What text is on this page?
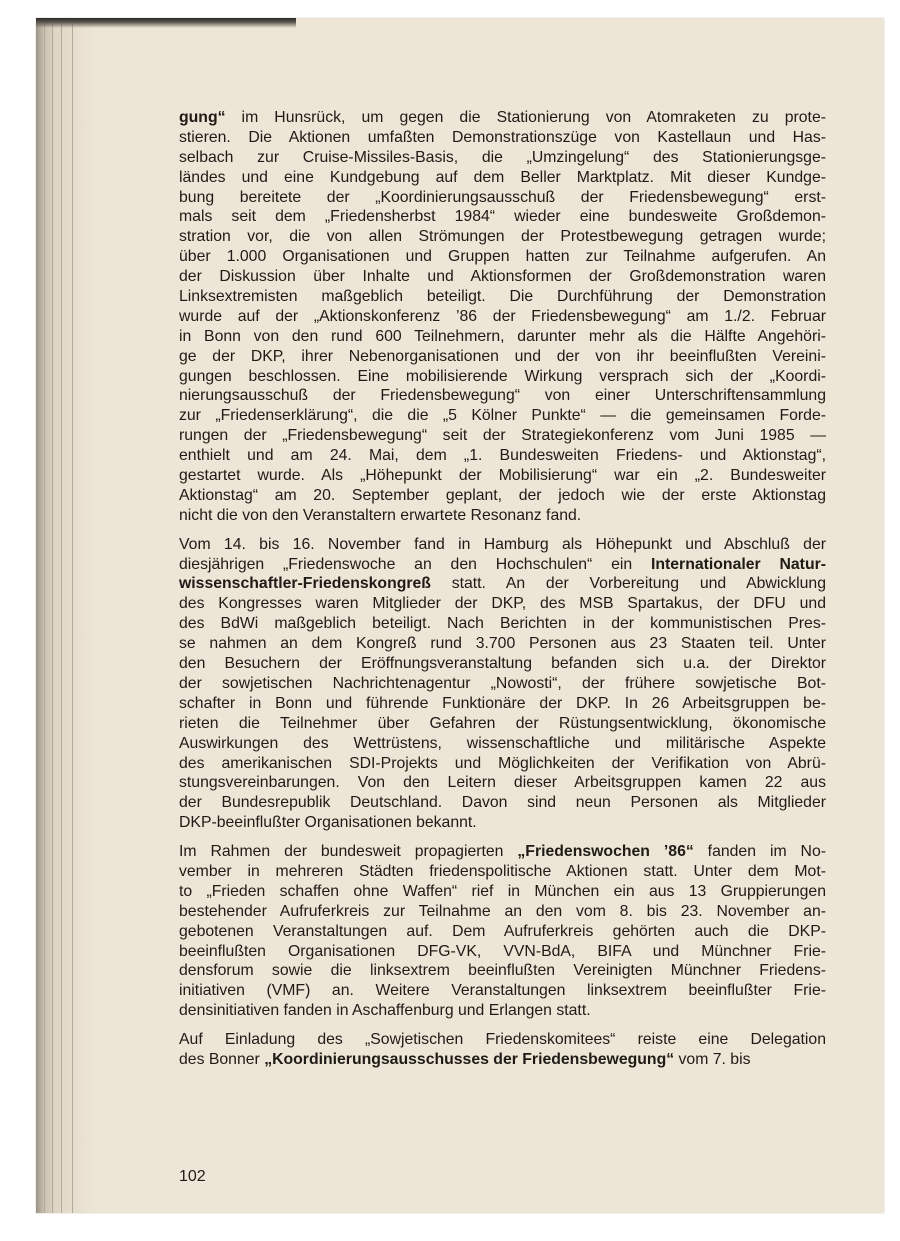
gung“ im Hunsrück, um gegen die Stationierung von Atomraketen zu prote-
stieren. Die Aktionen umfaßten Demonstrationszüge von Kastellaun und Has-
selbach zur Cruise-Missiles-Basis, die „Umzingelung“ des Stationierungsge-
ländes und eine Kundgebung auf dem Beller Marktplatz. Mit dieser Kundge-
bung bereitete der „Koordinierungsausschuß der Friedensbewegung“ erst-
mals seit dem „Friedensherbst 1984“ wieder eine bundesweite Großdemon-
stration vor, die von allen Strömungen der Protestbewegung getragen wurde;
über 1.000 Organisationen und Gruppen hatten zur Teilnahme aufgerufen. An
der Diskussion über Inhalte und Aktionsformen der Großdemonstration waren
Linksextremisten maßgeblich beteiligt. Die Durchführung der Demonstration
wurde auf der „Aktionskonferenz ’86 der Friedensbewegung“ am 1./2. Februar
in Bonn von den rund 600 Teilnehmern, darunter mehr als die Hälfte Angehöri-
ge der DKP, ihrer Nebenorganisationen und der von ihr beeinflußten Vereini-
gungen beschlossen. Eine mobilisierende Wirkung versprach sich der „Koordi-
nierungsausschuß der Friedensbewegung“ von einer Unterschriftensammlung
zur „Friedenserklärung“, die die „5 Kölner Punkte“ — die gemeinsamen Forde-
rungen der „Friedensbewegung“ seit der Strategiekonferenz vom Juni 1985 —
enthielt und am 24. Mai, dem „1. Bundesweiten Friedens- und Aktionstag“,
gestartet wurde. Als „Höhepunkt der Mobilisierung“ war ein „2. Bundesweiter
Aktionstag“ am 20. September geplant, der jedoch wie der erste Aktionstag
nicht die von den Veranstaltern erwartete Resonanz fand.
Vom 14. bis 16. November fand in Hamburg als Höhepunkt und Abschluß der
diesjährigen „Friedenswoche an den Hochschulen“ ein Internationaler Natur-
wissenschaftler-Friedenskongreß statt. An der Vorbereitung und Abwicklung
des Kongresses waren Mitglieder der DKP, des MSB Spartakus, der DFU und
des BdWi maßgeblich beteiligt. Nach Berichten in der kommunistischen Pres-
se nahmen an dem Kongreß rund 3.700 Personen aus 23 Staaten teil. Unter
den Besuchern der Eröffnungsveranstaltung befanden sich u.a. der Direktor
der sowjetischen Nachrichtenagentur „Nowosti“, der frühere sowjetische Bot-
schafter in Bonn und führende Funktionäre der DKP. In 26 Arbeitsgruppen be-
rieten die Teilnehmer über Gefahren der Rüstungsentwicklung, ökonomische
Auswirkungen des Wettrüstens, wissenschaftliche und militärische Aspekte
des amerikanischen SDI-Projekts und Möglichkeiten der Verifikation von Abrü-
stungsvereinbarungen. Von den Leitern dieser Arbeitsgruppen kamen 22 aus
der Bundesrepublik Deutschland. Davon sind neun Personen als Mitglieder
DKP-beeinflußter Organisationen bekannt.
Im Rahmen der bundesweit propagierten „Friedenswochen ’86“ fanden im No-
vember in mehreren Städten friedenspolitische Aktionen statt. Unter dem Mot-
to „Frieden schaffen ohne Waffen“ rief in München ein aus 13 Gruppierungen
bestehender Aufruferkreis zur Teilnahme an den vom 8. bis 23. November an-
gebotenen Veranstaltungen auf. Dem Aufruferkreis gehörten auch die DKP-
beeinflußten Organisationen DFG-VK, VVN-BdA, BIFA und Münchner Frie-
densforum sowie die linksextrem beeinflußten Vereinigten Münchner Friedens-
initiativen (VMF) an. Weitere Veranstaltungen linksextrem beeinflußter Frie-
densinitiativen fanden in Aschaffenburg und Erlangen statt.
Auf Einladung des „Sowjetischen Friedenskomitees“ reiste eine Delegation
des Bonner „Koordinierungsausschusses der Friedensbewegung“ vom 7. bis
102
